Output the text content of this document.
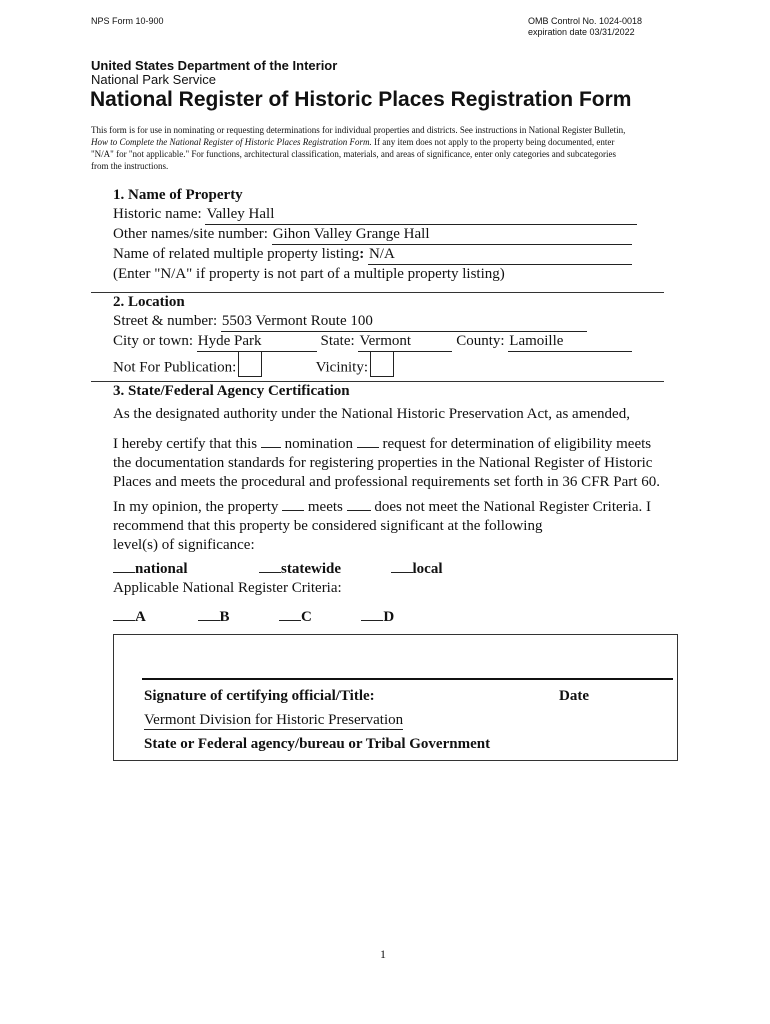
NPS Form 10-900	OMB Control No. 1024-0018
expiration date 03/31/2022
United States Department of the Interior
National Park Service
National Register of Historic Places Registration Form
This form is for use in nominating or requesting determinations for individual properties and districts. See instructions in National Register Bulletin,
How to Complete the National Register of Historic Places Registration Form. If any item does not apply to the property being documented, enter
"N/A" for "not applicable." For functions, architectural classification, materials, and areas of significance, enter only categories and subcategories
from the instructions.
1. Name of Property
Historic name: Valley Hall
Other names/site number: Gihon Valley Grange Hall
Name of related multiple property listing: N/A
(Enter "N/A" if property is not part of a multiple property listing)
2. Location
Street & number: 5503 Vermont Route 100
City or town: Hyde Park	State: Vermont	County: Lamoille
Not For Publication:	Vicinity:
3. State/Federal Agency Certification
As the designated authority under the National Historic Preservation Act, as amended,
I hereby certify that this  nomination  request for determination of eligibility meets
the documentation standards for registering properties in the National Register of Historic
Places and meets the procedural and professional requirements set forth in 36 CFR Part 60.
In my opinion, the property  meets  does not meet the National Register Criteria. I
recommend that this property be considered significant at the following
level(s) of significance:
national	statewide	local
Applicable National Register Criteria:
A	B	C	D
Signature of certifying official/Title:	Date
Vermont Division for Historic Preservation
State or Federal agency/bureau or Tribal Government
1
